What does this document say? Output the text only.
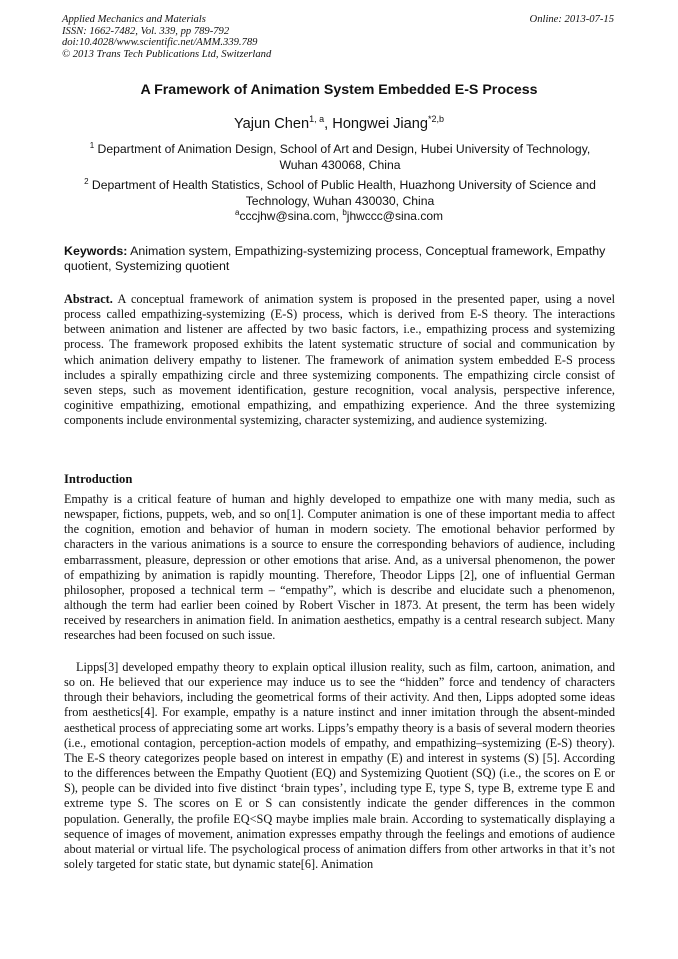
Applied Mechanics and Materials
ISSN: 1662-7482, Vol. 339, pp 789-792
doi:10.4028/www.scientific.net/AMM.339.789
© 2013 Trans Tech Publications Ltd, Switzerland
Online: 2013-07-15
A Framework of Animation System Embedded E-S Process
Yajun Chen$^{1, a}$, Hongwei Jiang$^{*2,b}$
$^1$ Department of Animation Design, School of Art and Design, Hubei University of Technology, Wuhan 430068, China
$^2$ Department of Health Statistics, School of Public Health, Huazhong University of Science and Technology, Wuhan 430030, China
$^a$cccjhw@sina.com, $^b$jhwccc@sina.com
Keywords: Animation system, Empathizing-systemizing process, Conceptual framework, Empathy quotient, Systemizing quotient
Abstract. A conceptual framework of animation system is proposed in the presented paper, using a novel process called empathizing-systemizing (E-S) process, which is derived from E-S theory. The interactions between animation and listener are affected by two basic factors, i.e., empathizing process and systemizing process. The framework proposed exhibits the latent systematic structure of social and communication by which animation delivery empathy to listener. The framework of animation system embedded E-S process includes a spirally empathizing circle and three systemizing components. The empathizing circle consist of seven steps, such as movement identification, gesture recognition, vocal analysis, perspective inference, coginitive empathizing, emotional empathizing, and empathizing experience. And the three systemizing components include environmental systemizing, character systemizing, and audience systemizing.
Introduction

Empathy is a critical feature of human and highly developed to empathize one with many media, such as newspaper, fictions, puppets, web, and so on[1]. Computer animation is one of these important media to affect the cognition, emotion and behavior of human in modern society. The emotional behavior performed by characters in the various animations is a source to ensure the corresponding behaviors of audience, including embarrassment, pleasure, depression or other emotions that arise. And, as a universal phenomenon, the power of empathizing by animation is rapidly mounting. Therefore, Theodor Lipps [2], one of influential German philosopher, proposed a technical term – “empathy”, which is describe and elucidate such a phenomenon, although the term had earlier been coined by Robert Vischer in 1873. At present, the term has been widely received by researchers in animation field. In animation aesthetics, empathy is a central research subject. Many researches had been focused on such issue.

Lipps[3] developed empathy theory to explain optical illusion reality, such as film, cartoon, animation, and so on. He believed that our experience may induce us to see the “hidden” force and tendency of characters through their behaviors, including the geometrical forms of their activity. And then, Lipps adopted some ideas from aesthetics[4]. For example, empathy is a nature instinct and inner imitation through the absent-minded aesthetical process of appreciating some art works. Lipps’s empathy theory is a basis of several modern theories (i.e., emotional contagion, perception-action models of empathy, and empathizing–systemizing (E-S) theory). The E-S theory categorizes people based on interest in empathy (E) and interest in systems (S) [5]. According to the differences between the Empathy Quotient (EQ) and Systemizing Quotient (SQ) (i.e., the scores on E or S), people can be divided into five distinct ‘brain types’, including type E, type S, type B, extreme type E and extreme type S. The scores on E or S can consistently indicate the gender differences in the common population. Generally, the profile EQ<SQ maybe implies male brain. According to systematically displaying a sequence of images of movement, animation expresses empathy through the feelings and emotions of audience about material or virtual life. The psychological process of animation differs from other artworks in that it’s not solely targeted for static state, but dynamic state[6]. Animation
